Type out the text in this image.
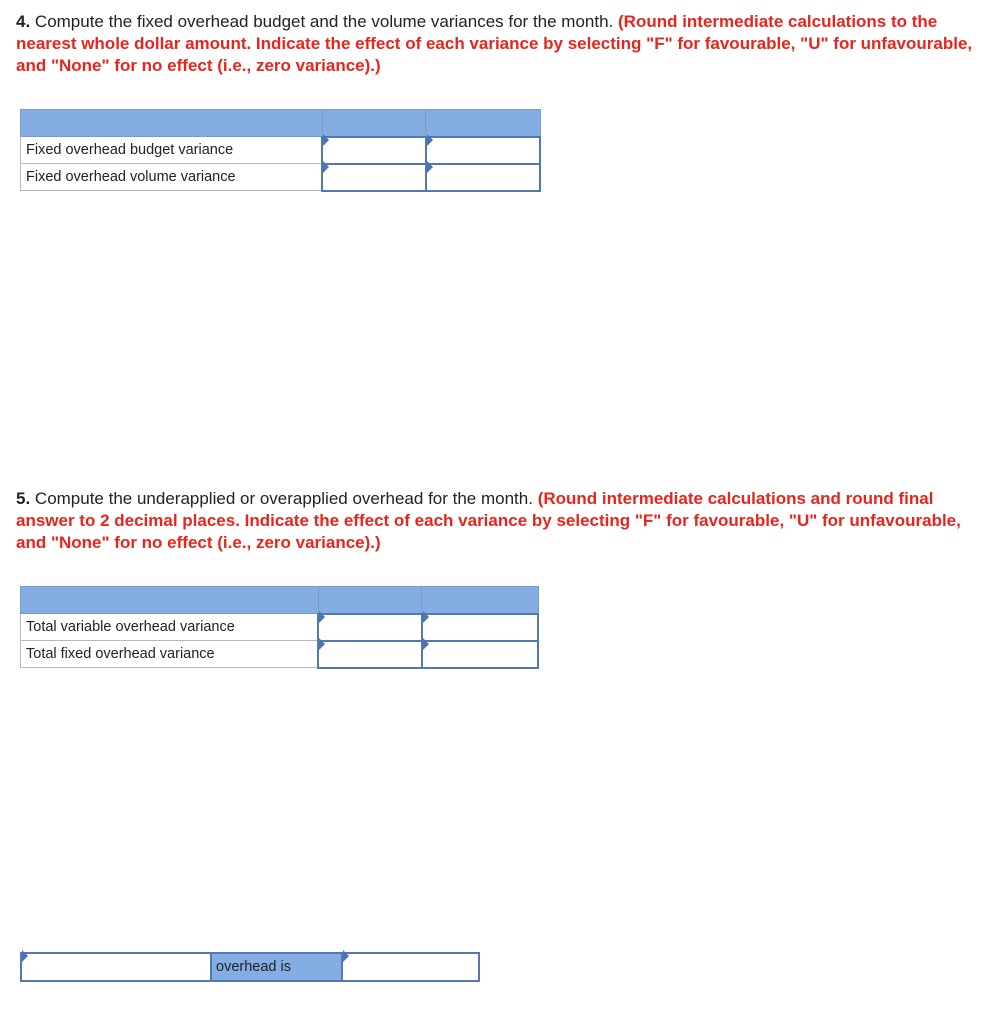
4. Compute the fixed overhead budget and the volume variances for the month. (Round intermediate calculations to the nearest whole dollar amount. Indicate the effect of each variance by selecting "F" for favourable, "U" for unfavourable, and "None" for no effect (i.e., zero variance).)

Fixed overhead budget variance	

Fixed overhead volume variance	

5. Compute the underapplied or overapplied overhead for the month. (Round intermediate calculations and round final answer to 2 decimal places. Indicate the effect of each variance by selecting "F" for favourable, "U" for unfavourable, and "None" for no effect (i.e., zero variance).)

Total variable overhead variance	

Total fixed overhead variance	

overhead is
